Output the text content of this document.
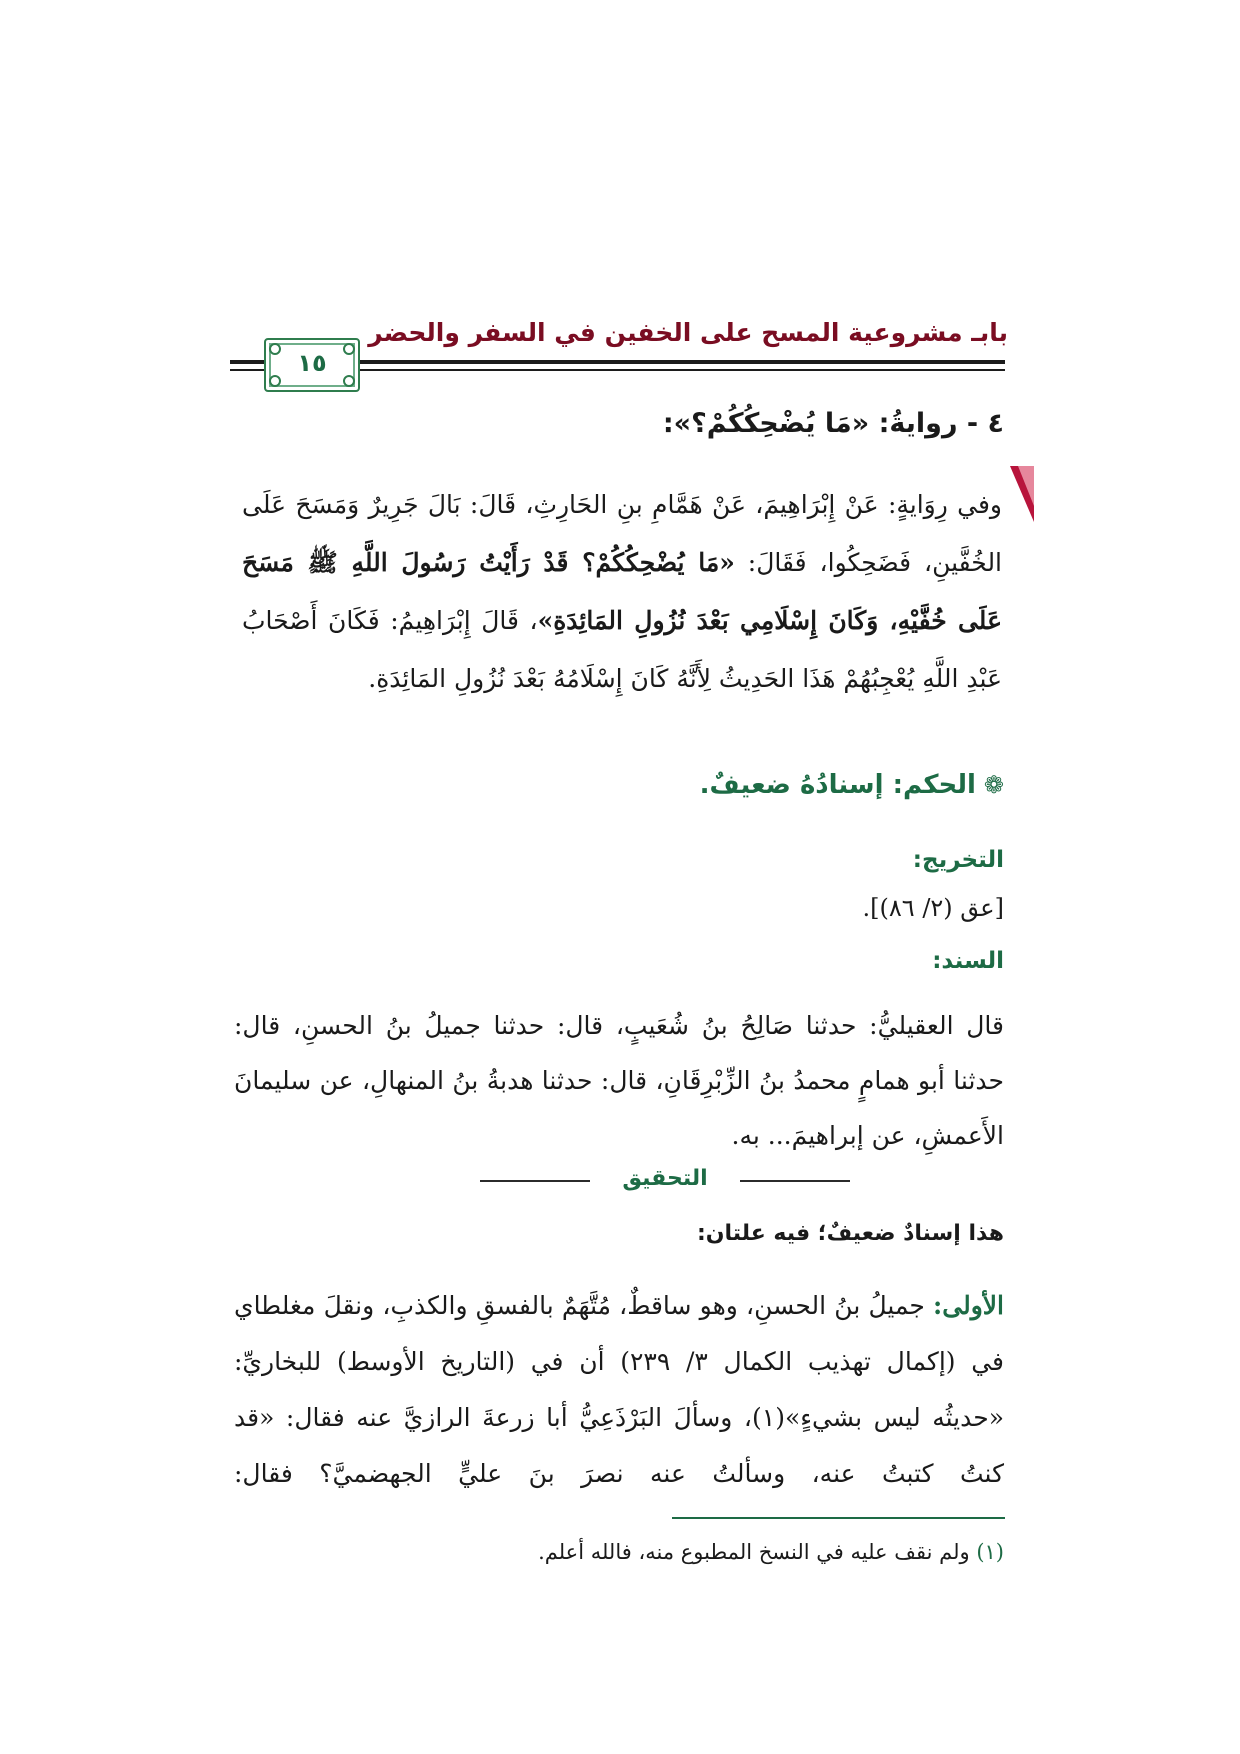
بابـ مشروعية المسح على الخفين في السفر والحضر
١٥
٤ - روايةُ: «مَا يُضْحِكُكُمْ؟»:
وفي رِوَايةٍ: عَنْ إِبْرَاهِيمَ، عَنْ هَمَّامِ بنِ الحَارِثِ، قَالَ: بَالَ جَرِيرٌ وَمَسَحَ عَلَى الخُفَّينِ، فَضَحِكُوا، فَقَالَ: «مَا يُضْحِكُكُمْ؟ قَدْ رَأَيْتُ رَسُولَ اللَّهِ ﷺ مَسَحَ عَلَى خُفَّيْهِ، وَكَانَ إِسْلَامِي بَعْدَ نُزُولِ المَائِدَةِ»، قَالَ إِبْرَاهِيمُ: فَكَانَ أَصْحَابُ عَبْدِ اللَّهِ يُعْجِبُهُمْ هَذَا الحَدِيثُ لِأَنَّهُ كَانَ إِسْلَامُهُ بَعْدَ نُزُولِ المَائِدَةِ.
❁الحكم: إسنادُهُ ضعيفٌ.
التخريج:
[عق (٢/ ٨٦)].
السند:
قال العقيليُّ: حدثنا صَالِحُ بنُ شُعَيبٍ، قال: حدثنا جميلُ بنُ الحسنِ، قال: حدثنا أبو همامٍ محمدُ بنُ الزِّبْرِقَانِ، قال: حدثنا هدبةُ بنُ المنهالِ، عن سليمانَ الأَعمشِ، عن إبراهيمَ... به.
التحقيق
هذا إسنادٌ ضعيفٌ؛ فيه علتان:
الأولى: جميلُ بنُ الحسنِ، وهو ساقطٌ، مُتَّهَمٌ بالفسقِ والكذبِ، ونقلَ مغلطاي في (إكمال تهذيب الكمال ٣/ ٢٣٩) أن في (التاريخ الأوسط) للبخاريِّ: «حديثُه ليس بشيءٍ»(١)، وسألَ البَرْذَعِيُّ أبا زرعةَ الرازيَّ عنه فقال: «قد كنتُ كتبتُ عنه، وسألتُ عنه نصرَ بنَ عليٍّ الجهضميَّ؟ فقال:
(١) ولم نقف عليه في النسخ المطبوع منه، فالله أعلم.
